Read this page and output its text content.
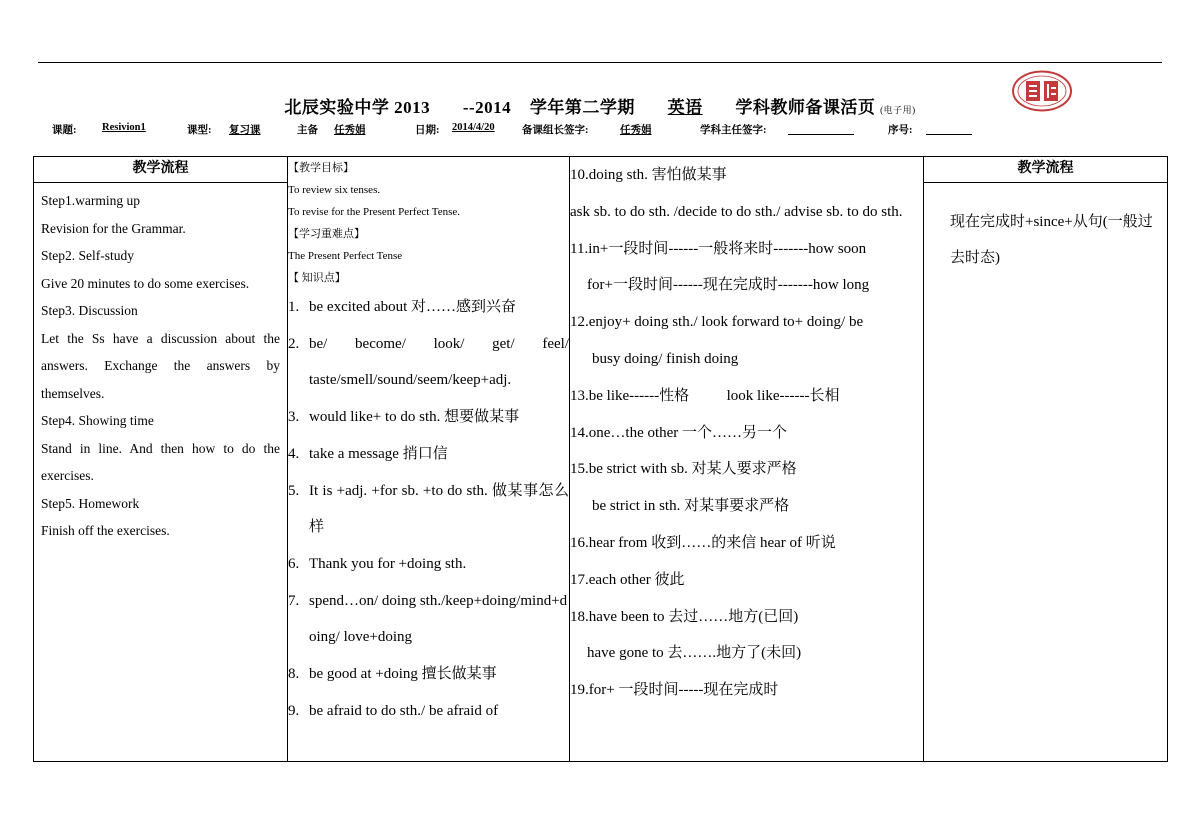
北辰实验中学 2013 --2014 学年第二学期 英语 学科教师备课活页 (电子用)
课题: Resivion1	课型: 复习课	主备 任秀娟	日期: 2014/4/20	备课组长签字:	任秀娟	学科主任签字:	序号:
教学流程

Step1.warming up

Revision for the Grammar.

Step2. Self-study

Give 20 minutes to do some exercises.

Step3. Discussion

Let the Ss have a discussion about the answers. Exchange the answers by themselves.

Step4. Showing time

Stand in line. And then how to do the exercises.

Step5. Homework

Finish off the exercises.

【教学目标】

To review six tenses.

To revise for the Present Perfect Tense.

【学习重难点】

The Present Perfect Tense

【 知识点】

1. be excited about 对……感到兴奋
2. be/ become/ look/ get/ feel/ taste/smell/sound/seem/keep+adj.
3. would like+ to do sth. 想要做某事
4. take a message 捎口信
5. It is +adj. +for sb. +to do sth. 做某事怎么样
6. Thank you for +doing sth.
7. spend…on/ doing sth./keep+doing/mind+doing/ love+doing
8. be good at +doing 擅长做某事
9. be afraid to do sth./ be afraid of

10.doing sth. 害怕做某事

ask sb. to do sth. /decide to do sth./ advise sb. to do sth.

11.in+一段时间------一般将来时-------how soon

for+一段时间------现在完成时-------how long

12.enjoy+ doing sth./ look forward to+ doing/ be

busy doing/ finish doing

13.be like------性格          look like------长相

14.one…the other 一个……另一个

15.be strict with sb. 对某人要求严格

be strict in sth. 对某事要求严格

16.hear from 收到……的来信 hear of 听说

17.each other 彼此

18.have been to 去过……地方(已回)

have gone to 去…….地方了(未回)

19.for+ 一段时间-----现在完成时

教学流程
现在完成时+since+从句(一般过去时态)
